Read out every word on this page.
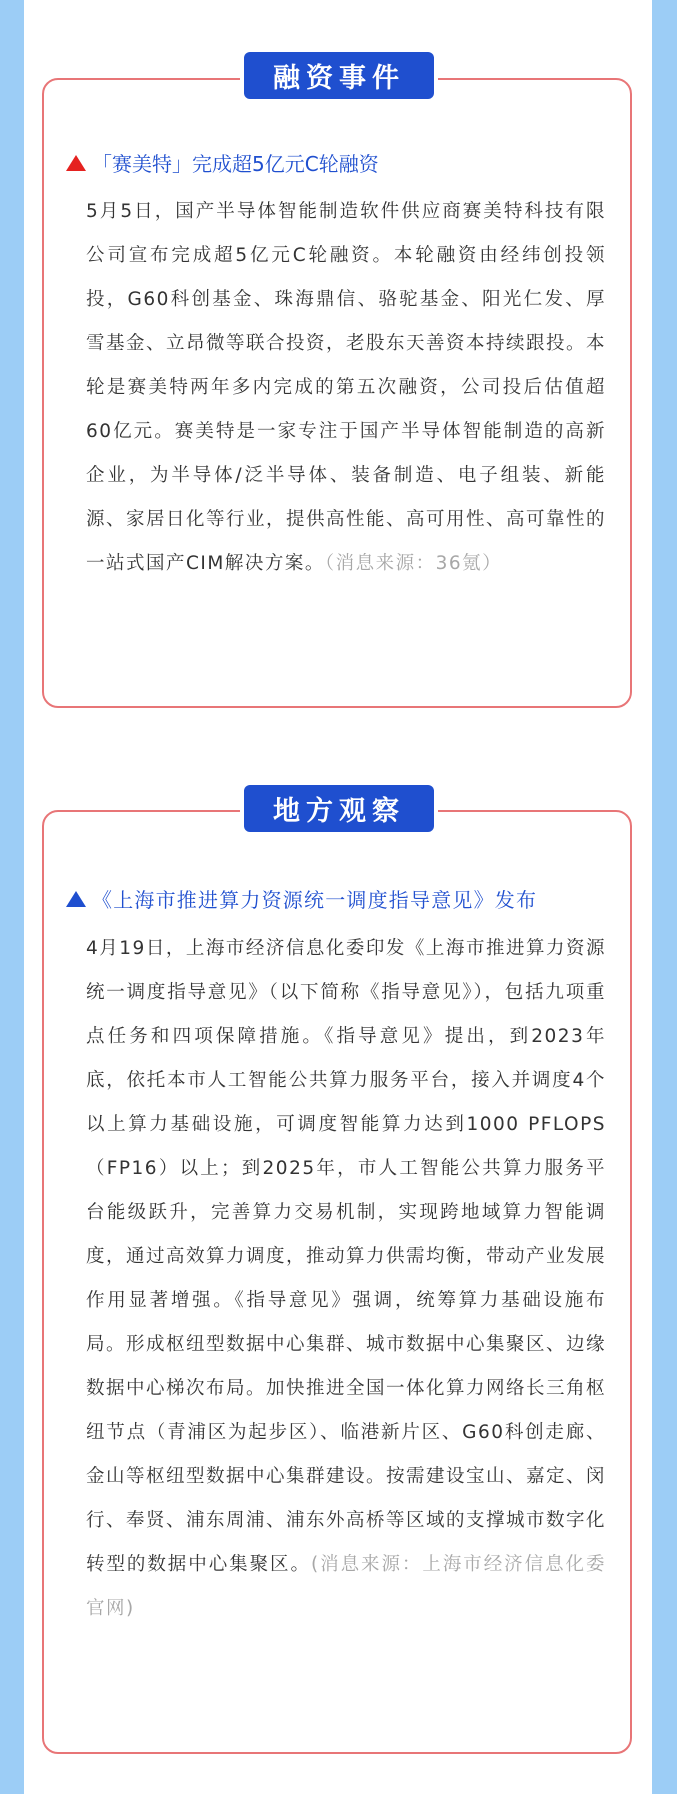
「赛美特」完成超5亿元C轮融资
5月5日，国产半导体智能制造软件供应商赛美特科技有限公司宣布完成超5亿元C轮融资。本轮融资由经纬创投领投，G60科创基金、珠海鼎信、骆驼基金、阳光仁发、厚雪基金、立昂微等联合投资，老股东天善资本持续跟投。本轮是赛美特两年多内完成的第五次融资，公司投后估值超60亿元。赛美特是一家专注于国产半导体智能制造的高新企业，为半导体/泛半导体、装备制造、电子组装、新能源、家居日化等行业，提供高性能、高可用性、高可靠性的一站式国产CIM解决方案。（消息来源：36氪）
融资事件
《上海市推进算力资源统一调度指导意见》发布
4月19日，上海市经济信息化委印发《上海市推进算力资源统一调度指导意见》（以下简称《指导意见》），包括九项重点任务和四项保障措施。《指导意见》提出，到2023年底，依托本市人工智能公共算力服务平台，接入并调度4个以上算力基础设施，可调度智能算力达到1000 PFLOPS（FP16）以上；到2025年，市人工智能公共算力服务平台能级跃升，完善算力交易机制，实现跨地域算力智能调度，通过高效算力调度，推动算力供需均衡，带动产业发展作用显著增强。《指导意见》强调，统筹算力基础设施布局。形成枢纽型数据中心集群、城市数据中心集聚区、边缘数据中心梯次布局。加快推进全国一体化算力网络长三角枢纽节点（青浦区为起步区）、临港新片区、G60科创走廊、金山等枢纽型数据中心集群建设。按需建设宝山、嘉定、闵行、奉贤、浦东周浦、浦东外高桥等区域的支撑城市数字化转型的数据中心集聚区。(消息来源：上海市经济信息化委官网)
地方观察
